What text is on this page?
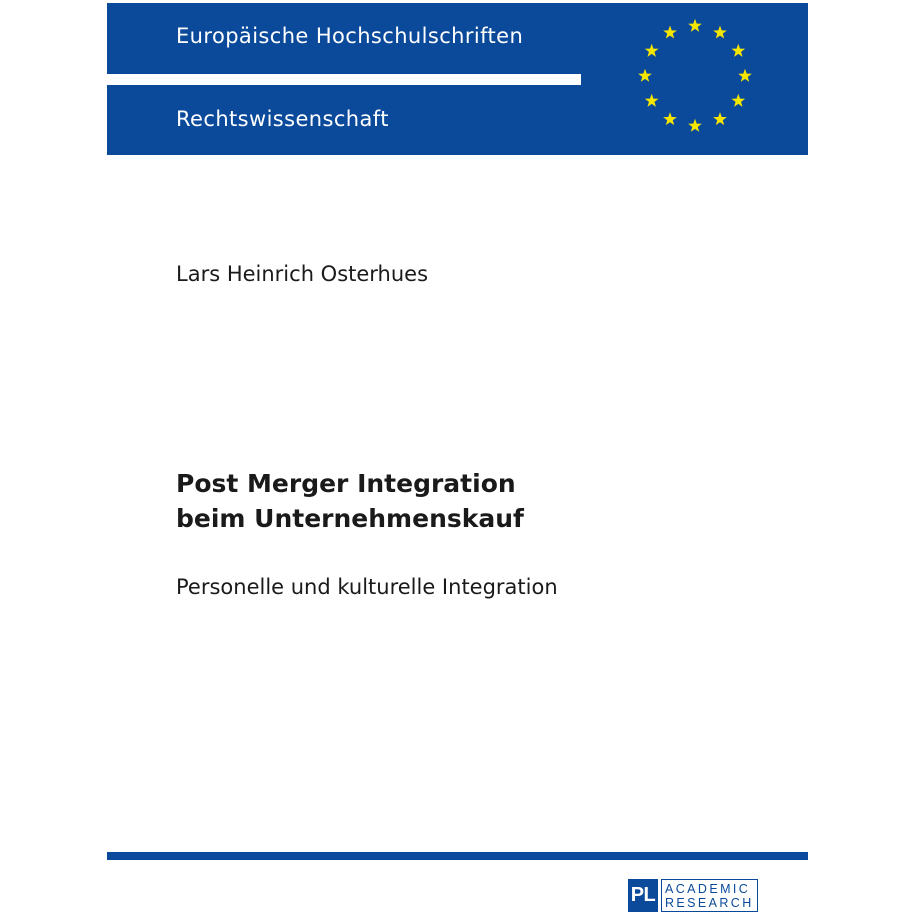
Europäische Hochschulschriften
Rechtswissenschaft
Lars Heinrich Osterhues
Post Merger Integration
beim Unternehmenskauf
Personelle und kulturelle Integration
PL ACADEMIC
RESEARCH
